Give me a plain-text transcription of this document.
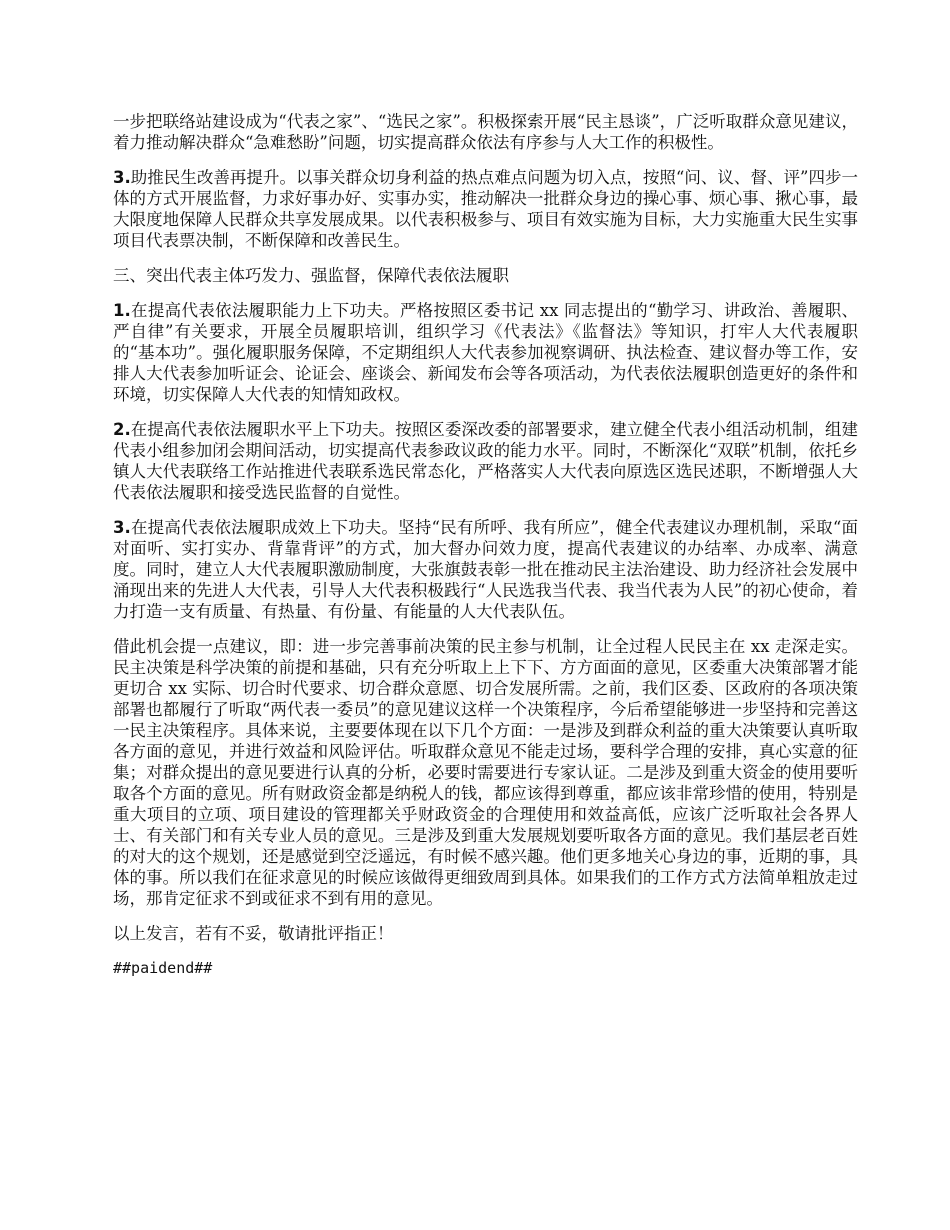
一步把联络站建设成为“代表之家”、“选民之家”。积极探索开展“民主恳谈”，广泛听取群众意见建议，着力推动解决群众“急难愁盼”问题，切实提高群众依法有序参与人大工作的积极性。

3.助推民生改善再提升。以事关群众切身利益的热点难点问题为切入点，按照“问、议、督、评”四步一体的方式开展监督，力求好事办好、实事办实，推动解决一批群众身边的操心事、烦心事、揪心事，最大限度地保障人民群众共享发展成果。以代表积极参与、项目有效实施为目标，大力实施重大民生实事项目代表票决制，不断保障和改善民生。

三、突出代表主体巧发力、强监督，保障代表依法履职

1.在提高代表依法履职能力上下功夫。严格按照区委书记 xx 同志提出的“勤学习、讲政治、善履职、严自律”有关要求，开展全员履职培训，组织学习《代表法》《监督法》等知识，打牢人大代表履职的“基本功”。强化履职服务保障，不定期组织人大代表参加视察调研、执法检查、建议督办等工作，安排人大代表参加听证会、论证会、座谈会、新闻发布会等各项活动，为代表依法履职创造更好的条件和环境，切实保障人大代表的知情知政权。

2.在提高代表依法履职水平上下功夫。按照区委深改委的部署要求，建立健全代表小组活动机制，组建代表小组参加闭会期间活动，切实提高代表参政议政的能力水平。同时，不断深化“双联”机制，依托乡镇人大代表联络工作站推进代表联系选民常态化，严格落实人大代表向原选区选民述职，不断增强人大代表依法履职和接受选民监督的自觉性。

3.在提高代表依法履职成效上下功夫。坚持“民有所呼、我有所应”，健全代表建议办理机制，采取“面对面听、实打实办、背靠背评”的方式，加大督办问效力度，提高代表建议的办结率、办成率、满意度。同时，建立人大代表履职激励制度，大张旗鼓表彰一批在推动民主法治建设、助力经济社会发展中涌现出来的先进人大代表，引导人大代表积极践行“人民选我当代表、我当代表为人民”的初心使命，着力打造一支有质量、有热量、有份量、有能量的人大代表队伍。

借此机会提一点建议，即：进一步完善事前决策的民主参与机制，让全过程人民民主在 xx 走深走实。民主决策是科学决策的前提和基础，只有充分听取上上下下、方方面面的意见，区委重大决策部署才能更切合 xx 实际、切合时代要求、切合群众意愿、切合发展所需。之前，我们区委、区政府的各项决策部署也都履行了听取“两代表一委员”的意见建议这样一个决策程序，今后希望能够进一步坚持和完善这一民主决策程序。具体来说，主要要体现在以下几个方面：一是涉及到群众利益的重大决策要认真听取各方面的意见，并进行效益和风险评估。听取群众意见不能走过场，要科学合理的安排，真心实意的征集；对群众提出的意见要进行认真的分析，必要时需要进行专家认证。二是涉及到重大资金的使用要听取各个方面的意见。所有财政资金都是纳税人的钱，都应该得到尊重，都应该非常珍惜的使用，特别是重大项目的立项、项目建设的管理都关乎财政资金的合理使用和效益高低，应该广泛听取社会各界人士、有关部门和有关专业人员的意见。三是涉及到重大发展规划要听取各方面的意见。我们基层老百姓的对大的这个规划，还是感觉到空泛遥远，有时候不感兴趣。他们更多地关心身边的事，近期的事，具体的事。所以我们在征求意见的时候应该做得更细致周到具体。如果我们的工作方式方法简单粗放走过场，那肯定征求不到或征求不到有用的意见。

以上发言，若有不妥，敬请批评指正！

##paidend##
